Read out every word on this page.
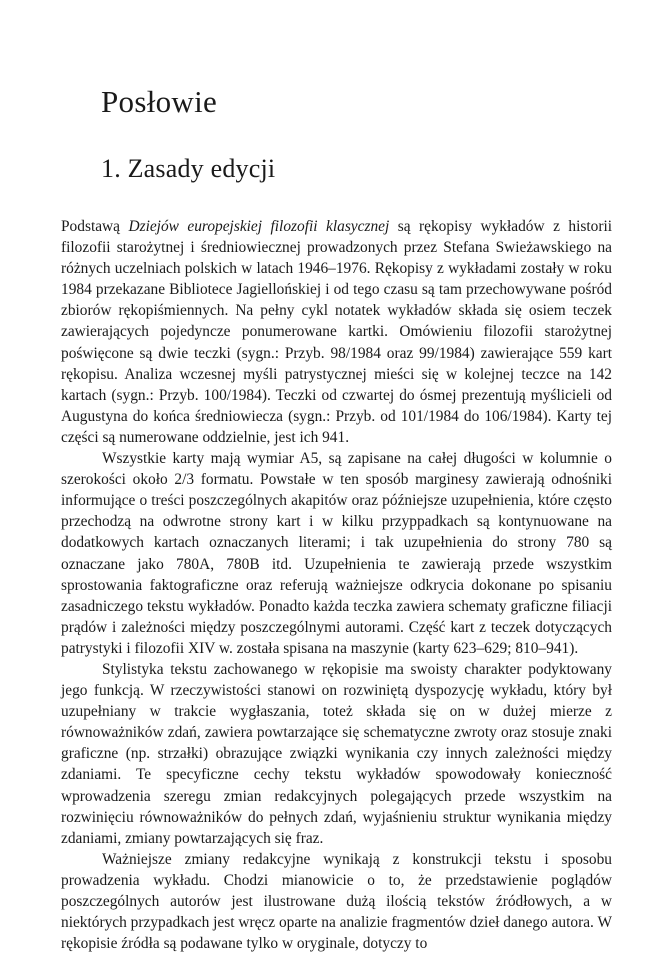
Posłowie
1. Zasady edycji

Podstawą Dziejów europejskiej filozofii klasycznej są rękopisy wykładów z historii filozofii starożytnej i średniowiecznej prowadzonych przez Stefana Swieżawskiego na różnych uczelniach polskich w latach 1946–1976. Rękopisy z wykładami zostały w roku 1984 przekazane Bibliotece Jagiellońskiej i od tego czasu są tam przechowywane pośród zbiorów rękopiśmiennych. Na pełny cykl notatek wykładów składa się osiem teczek zawierających pojedyncze ponumerowane kartki. Omówieniu filozofii starożytnej poświęcone są dwie teczki (sygn.: Przyb. 98/1984 oraz 99/1984) zawierające 559 kart rękopisu. Analiza wczesnej myśli patrystycznej mieści się w kolejnej teczce na 142 kartach (sygn.: Przyb. 100/1984). Teczki od czwartej do ósmej prezentują myślicieli od Augustyna do końca średniowiecza (sygn.: Przyb. od 101/1984 do 106/1984). Karty tej części są numerowane oddzielnie, jest ich 941.

Wszystkie karty mają wymiar A5, są zapisane na całej długości w kolumnie o szerokości około 2/3 formatu. Powstałe w ten sposób marginesy zawierają odnośniki informujące o treści poszczególnych akapitów oraz późniejsze uzupełnienia, które często przechodzą na odwrotne strony kart i w kilku przyppadkach są kontynuowane na dodatkowych kartach oznaczanych literami; i tak uzupełnienia do strony 780 są oznaczane jako 780A, 780B itd. Uzupełnienia te zawierają przede wszystkim sprostowania faktograficzne oraz referują ważniejsze odkrycia dokonane po spisaniu zasadniczego tekstu wykładów. Ponadto każda teczka zawiera schematy graficzne filiacji prądów i zależności między poszczególnymi autorami. Część kart z teczek dotyczących patrystyki i filozofii XIV w. została spisana na maszynie (karty 623–629; 810–941).

Stylistyka tekstu zachowanego w rękopisie ma swoisty charakter podyktowany jego funkcją. W rzeczywistości stanowi on rozwiniętą dyspozycję wykładu, który był uzupełniany w trakcie wygłaszania, toteż składa się on w dużej mierze z równoważników zdań, zawiera powtarzające się schematyczne zwroty oraz stosuje znaki graficzne (np. strzałki) obrazujące związki wynikania czy innych zależności między zdaniami. Te specyficzne cechy tekstu wykładów spowodowały konieczność wprowadzenia szeregu zmian redakcyjnych polegających przede wszystkim na rozwinięciu równoważników do pełnych zdań, wyjaśnieniu struktur wynikania między zdaniami, zmiany powtarzających się fraz.

Ważniejsze zmiany redakcyjne wynikają z konstrukcji tekstu i sposobu prowadzenia wykładu. Chodzi mianowicie o to, że przedstawienie poglądów poszczególnych autorów jest ilustrowane dużą ilością tekstów źródłowych, a w niektórych przypadkach jest wręcz oparte na analizie fragmentów dzieł danego autora. W rękopisie źródła są podawane tylko w oryginale, dotyczy to
